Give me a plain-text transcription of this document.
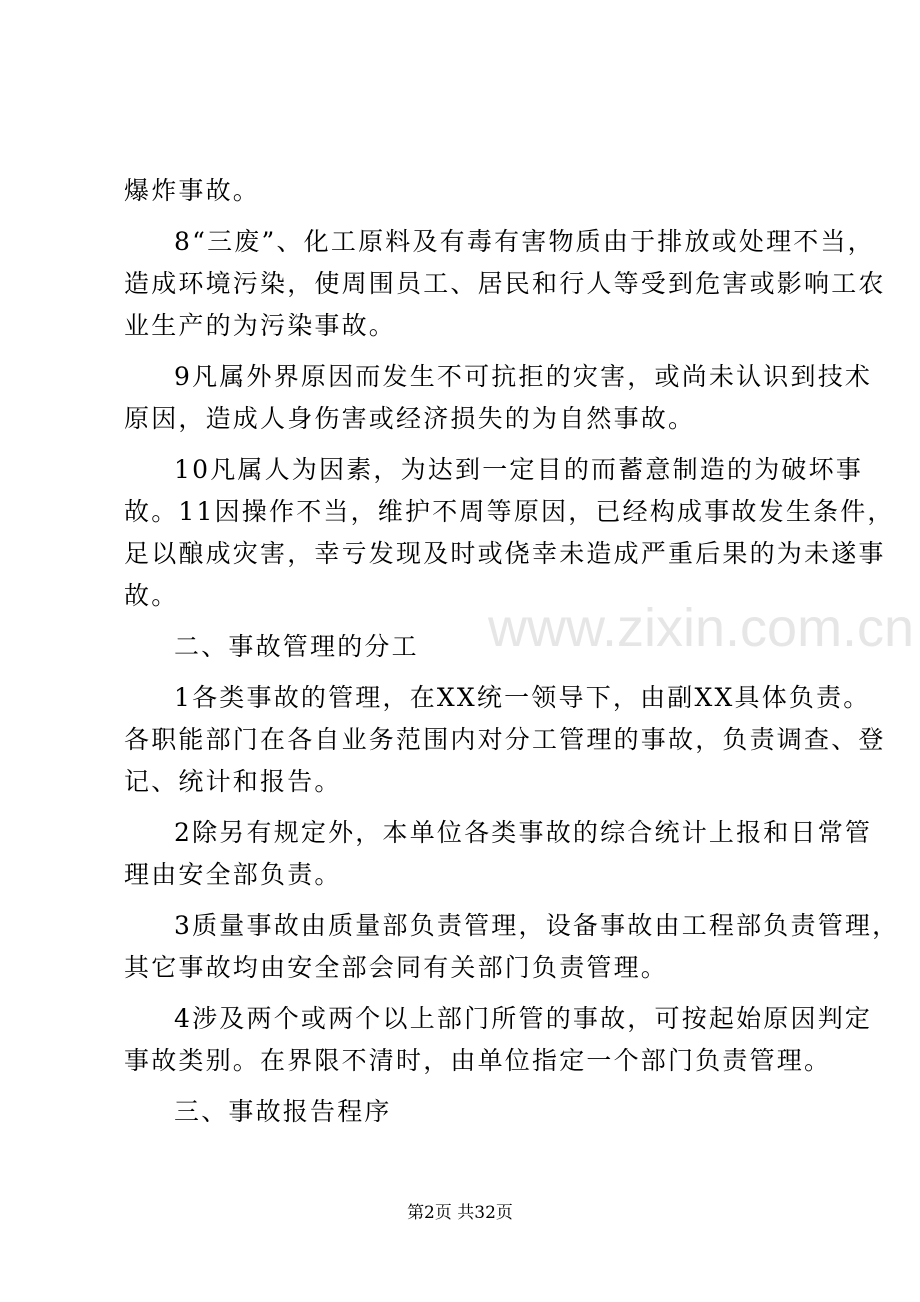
爆炸事故。
8“三废”、化工原料及有毒有害物质由于排放或处理不当，
造成环境污染，使周围员工、居民和行人等受到危害或影响工农
业生产的为污染事故。
9凡属外界原因而发生不可抗拒的灾害，或尚未认识到技术
原因，造成人身伤害或经济损失的为自然事故。
10凡属人为因素，为达到一定目的而蓄意制造的为破坏事
故。11因操作不当，维护不周等原因，已经构成事故发生条件，
足以酿成灾害，幸亏发现及时或侥幸未造成严重后果的为未遂事
故。
www.zixin.com.cn
二、事故管理的分工
1各类事故的管理，在XX统一领导下，由副XX具体负责。
各职能部门在各自业务范围内对分工管理的事故，负责调查、登
记、统计和报告。
2除另有规定外，本单位各类事故的综合统计上报和日常管
理由安全部负责。
3质量事故由质量部负责管理，设备事故由工程部负责管理，
其它事故均由安全部会同有关部门负责管理。
4涉及两个或两个以上部门所管的事故，可按起始原因判定
事故类别。在界限不清时，由单位指定一个部门负责管理。
三、事故报告程序
第2页 共32页
